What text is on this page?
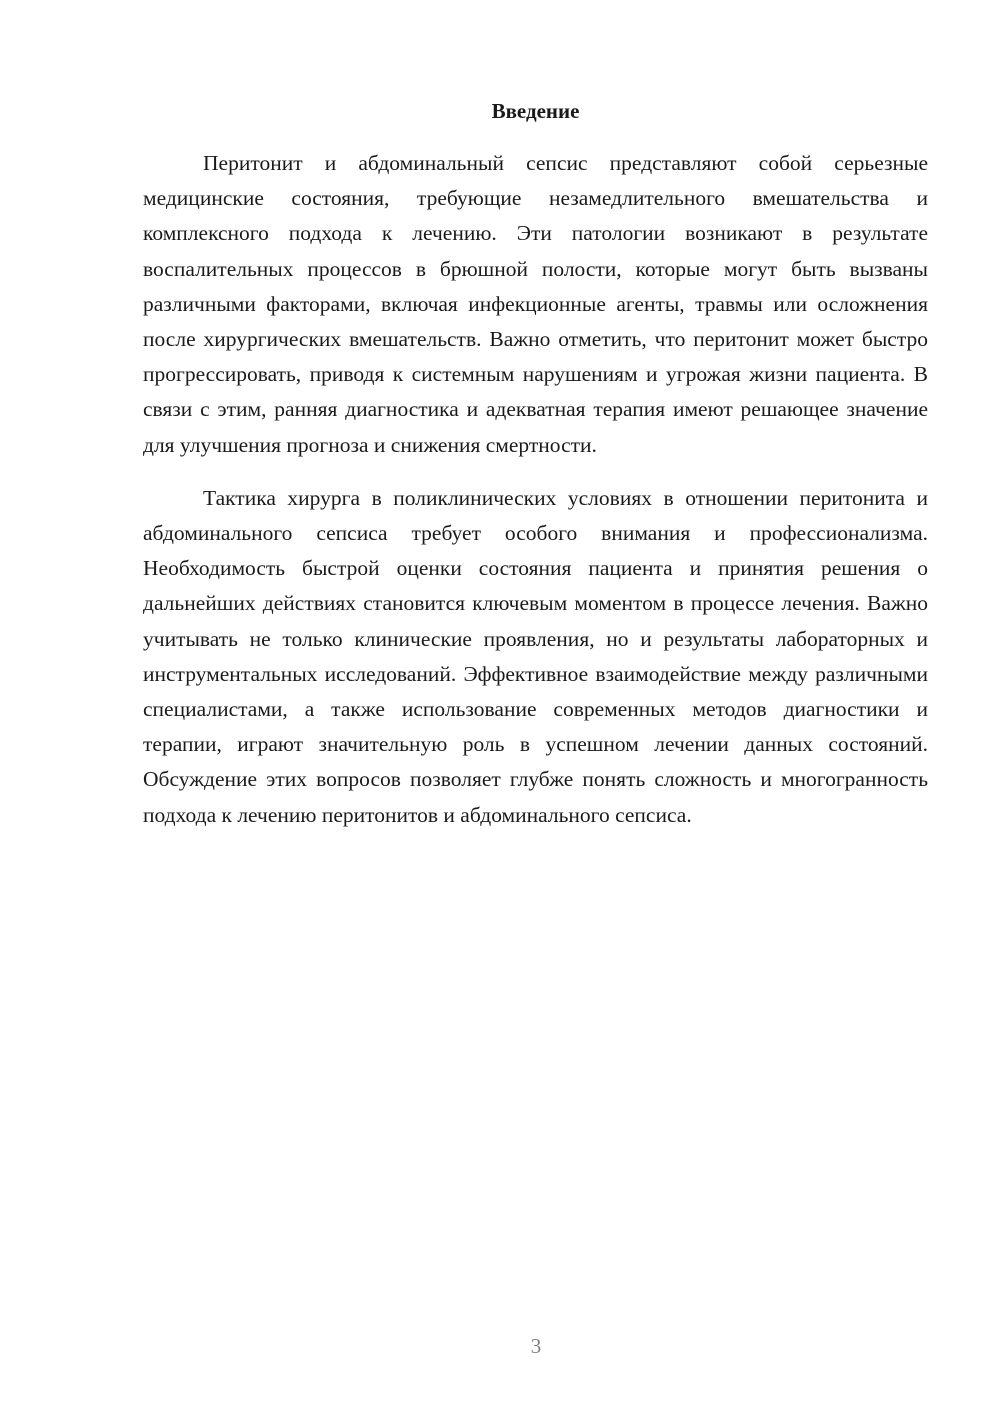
Введение

Перитонит и абдоминальный сепсис представляют собой серьезные медицинские состояния, требующие незамедлительного вмешательства и комплексного подхода к лечению. Эти патологии возникают в результате воспалительных процессов в брюшной полости, которые могут быть вызваны различными факторами, включая инфекционные агенты, травмы или осложнения после хирургических вмешательств. Важно отметить, что перитонит может быстро прогрессировать, приводя к системным нарушениям и угрожая жизни пациента. В связи с этим, ранняя диагностика и адекватная терапия имеют решающее значение для улучшения прогноза и снижения смертности.

Тактика хирурга в поликлинических условиях в отношении перитонита и абдоминального сепсиса требует особого внимания и профессионализма. Необходимость быстрой оценки состояния пациента и принятия решения о дальнейших действиях становится ключевым моментом в процессе лечения. Важно учитывать не только клинические проявления, но и результаты лабораторных и инструментальных исследований. Эффективное взаимодействие между различными специалистами, а также использование современных методов диагностики и терапии, играют значительную роль в успешном лечении данных состояний. Обсуждение этих вопросов позволяет глубже понять сложность и многогранность подхода к лечению перитонитов и абдоминального сепсиса.

3
